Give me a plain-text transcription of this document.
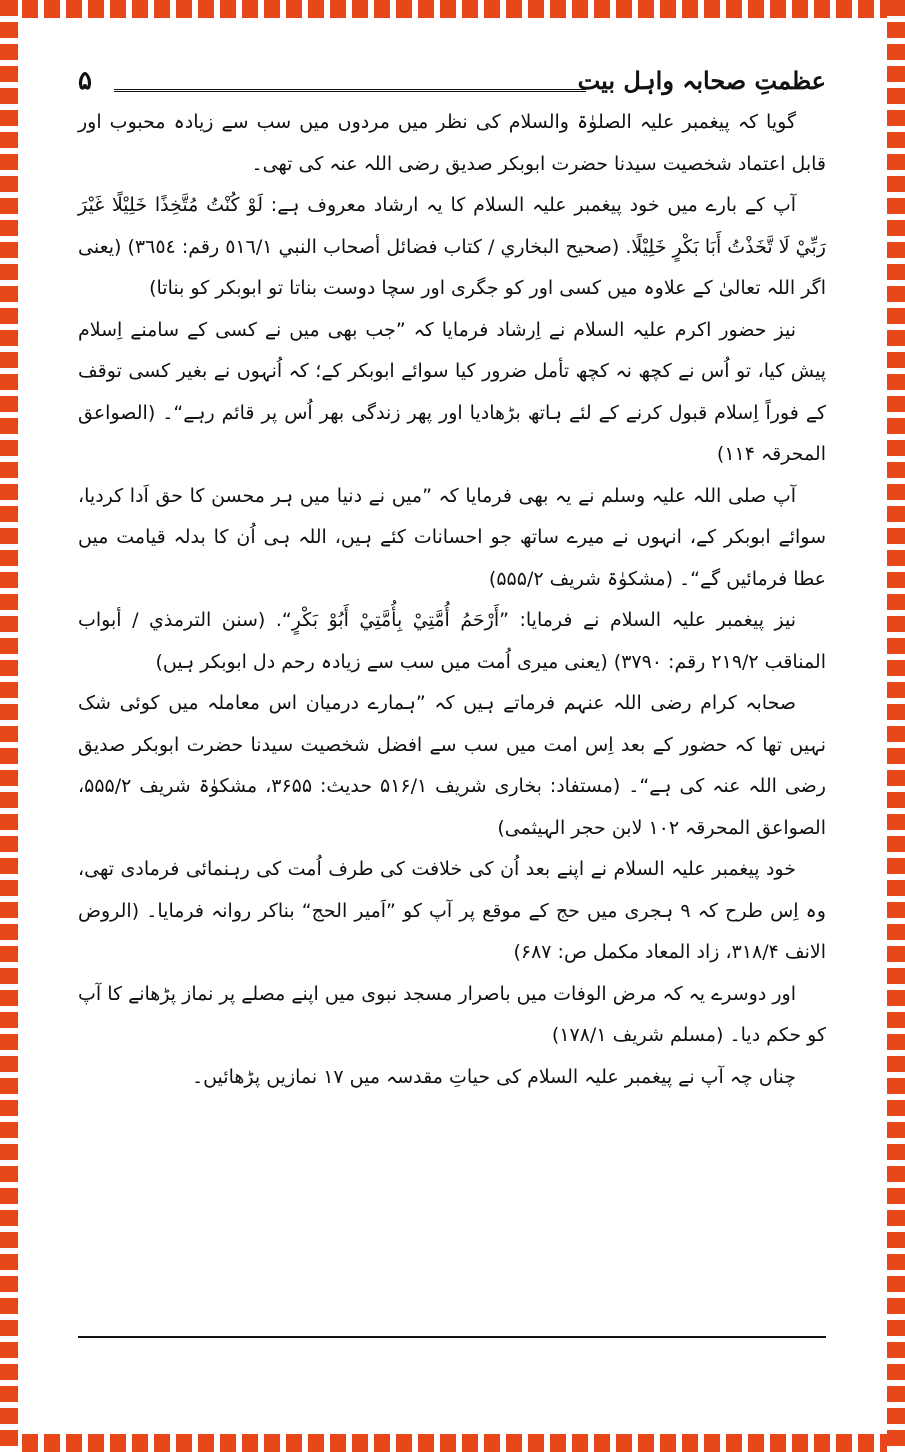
عظمتِ صحابہ واہل بیت
۵

گویا کہ پیغمبر علیہ الصلوٰۃ والسلام کی نظر میں مردوں میں سب سے زیادہ محبوب اور قابل اعتماد شخصیت سیدنا حضرت ابوبکر صدیق رضی اللہ عنہ کی تھی۔

آپ کے بارے میں خود پیغمبر علیہ السلام کا یہ ارشاد معروف ہے: لَوْ كُنْتُ مُتَّخِذًا خَلِيْلًا غَيْرَ رَبِّيْ لَا تَّخَذْتُ أَبَا بَكْرٍ خَلِيْلًا. (صحيح البخاري / كتاب فضائل أصحاب النبي ٥١٦/١ رقم: ٣٦٥٤) (یعنی اگر اللہ تعالیٰ کے علاوہ میں کسی اور کو جگری اور سچا دوست بناتا تو ابوبکر کو بناتا)

نیز حضور اکرم علیہ السلام نے اِرشاد فرمایا کہ ”جب بھی میں نے کسی کے سامنے اِسلام پیش کیا، تو اُس نے کچھ نہ کچھ تأمل ضرور کیا سوائے ابوبکر کے؛ کہ اُنہوں نے بغیر کسی توقف کے فوراً اِسلام قبول کرنے کے لئے ہاتھ بڑھادیا اور پھر زندگی بھر اُس پر قائم رہے“۔ (الصواعق المحرقہ ۱۱۴)

آپ صلی اللہ علیہ وسلم نے یہ بھی فرمایا کہ ”میں نے دنیا میں ہر محسن کا حق اَدا کردیا، سوائے ابوبکر کے، انہوں نے میرے ساتھ جو احسانات کئے ہیں، اللہ ہی اُن کا بدلہ قیامت میں عطا فرمائیں گے“۔ (مشکوٰۃ شریف ۵۵۵/۲)

نیز پیغمبر علیہ السلام نے فرمایا: ”أَرْحَمُ أُمَّتِيْ بِأُمَّتِيْ أَبُوْ بَكْرٍ“. (سنن الترمذي / أبواب المناقب ٢١٩/٢ رقم: ٣٧٩٠) (یعنی میری اُمت میں سب سے زیادہ رحم دل ابوبکر ہیں)

صحابہ کرام رضی اللہ عنہم فرماتے ہیں کہ ”ہمارے درمیان اس معاملہ میں کوئی شک نہیں تھا کہ حضور کے بعد اِس امت میں سب سے افضل شخصیت سیدنا حضرت ابوبکر صدیق رضی اللہ عنہ کی ہے“۔ (مستفاد: بخاری شریف ۵۱۶/۱ حدیث: ۳۶۵۵، مشکوٰۃ شریف ۵۵۵/۲، الصواعق المحرقہ ۱۰۲ لابن حجر الہیثمی)

خود پیغمبر علیہ السلام نے اپنے بعد اُن کی خلافت کی طرف اُمت کی رہنمائی فرمادی تھی، وہ اِس طرح کہ ۹ ہجری میں حج کے موقع پر آپ کو ”اَمیر الحج“ بناکر روانہ فرمایا۔ (الروض الانف ۳۱۸/۴، زاد المعاد مکمل ص: ۶۸۷)

اور دوسرے یہ کہ مرض الوفات میں باصرار مسجد نبوی میں اپنے مصلے پر نماز پڑھانے کا آپ کو حکم دیا۔ (مسلم شریف ۱۷۸/۱)

چناں چہ آپ نے پیغمبر علیہ السلام کی حیاتِ مقدسہ میں ۱۷ نمازیں پڑھائیں۔
